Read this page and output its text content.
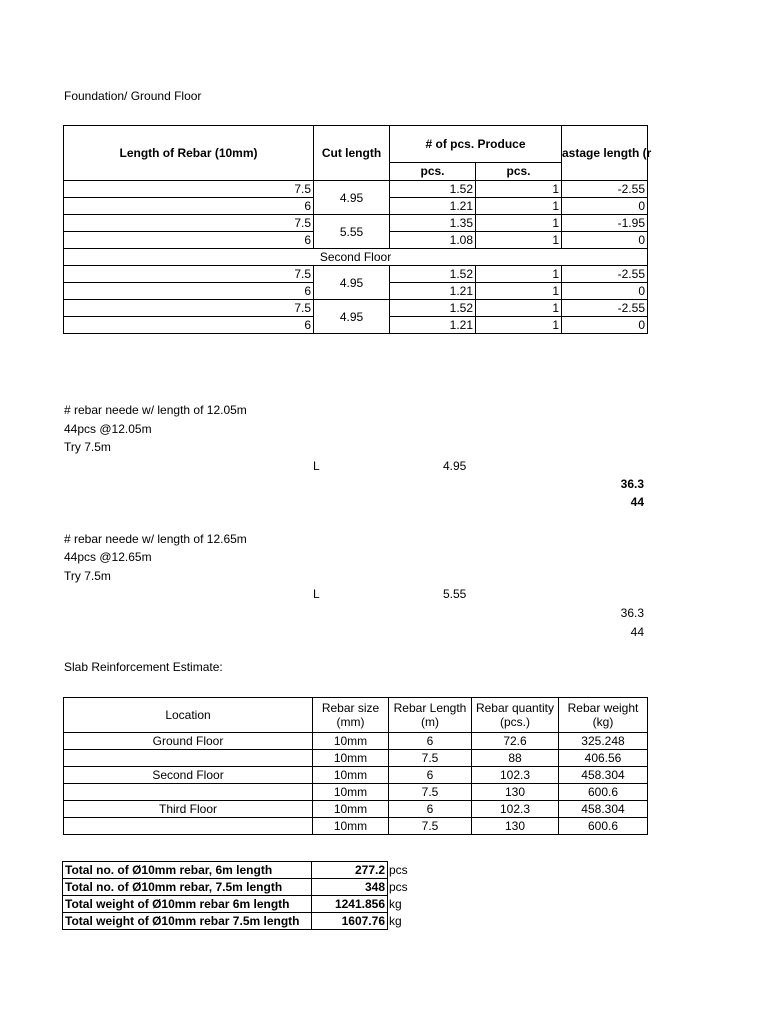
Foundation/ Ground Floor
Length of Rebar (10mm)	Cut length	# of pcs. Produce		astage length (r
		pcs.	pcs.	
7.5	4.95	1.52	1	-2.55
6		1.21	1	0
7.5	5.55	1.35	1	-1.95
6		1.08	1	0
Second Floor				
7.5	4.95	1.52	1	-2.55
6		1.21	1	0
7.5	4.95	1.52	1	-2.55
6		1.21	1	0
# rebar neede w/ length of 12.05m
44pcs @12.05m
Try 7.5m
L	4.95
36.3
44
# rebar neede w/ length of 12.65m
44pcs @12.65m
Try 7.5m
L	5.55
36.3
44
Slab Reinforcement Estimate:
Location	Rebar size (mm)	Rebar Length (m)	Rebar quantity (pcs.)	Rebar weight (kg)
Ground Floor	10mm	6	72.6	325.248
	10mm	7.5	88	406.56
Second Floor	10mm	6	102.3	458.304
	10mm	7.5	130	600.6
Third Floor	10mm	6	102.3	458.304
	10mm	7.5	130	600.6
Total no. of Ø10mm rebar, 6m length	277.2	pcs
Total no. of Ø10mm rebar, 7.5m length	348	pcs
Total weight of Ø10mm rebar 6m length	1241.856	kg
Total weight of Ø10mm rebar 7.5m length	1607.76	kg
